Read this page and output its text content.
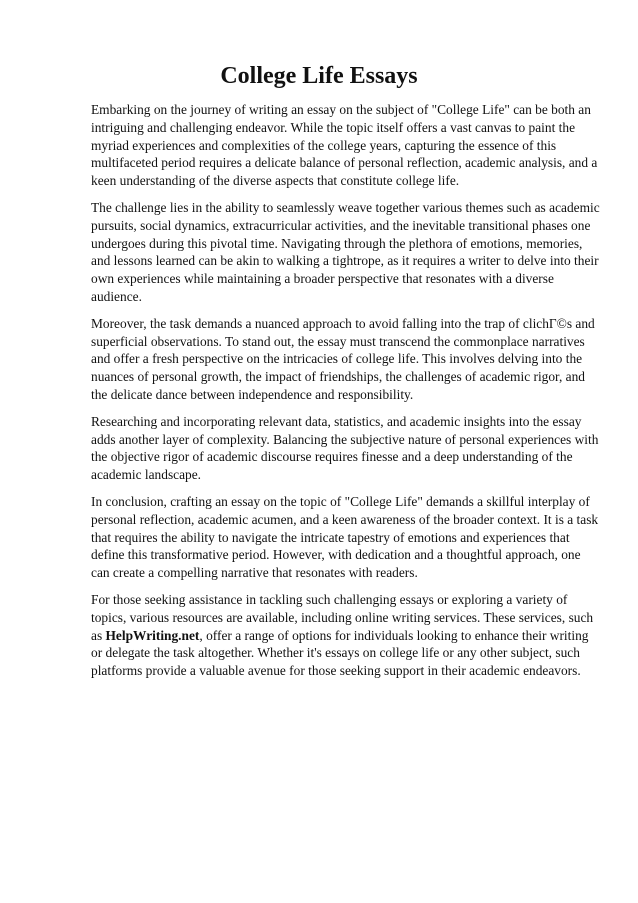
College Life Essays

Embarking on the journey of writing an essay on the subject of "College Life" can be both an intriguing and challenging endeavor. While the topic itself offers a vast canvas to paint the myriad experiences and complexities of the college years, capturing the essence of this multifaceted period requires a delicate balance of personal reflection, academic analysis, and a keen understanding of the diverse aspects that constitute college life.

The challenge lies in the ability to seamlessly weave together various themes such as academic pursuits, social dynamics, extracurricular activities, and the inevitable transitional phases one undergoes during this pivotal time. Navigating through the plethora of emotions, memories, and lessons learned can be akin to walking a tightrope, as it requires a writer to delve into their own experiences while maintaining a broader perspective that resonates with a diverse audience.

Moreover, the task demands a nuanced approach to avoid falling into the trap of clichГ©s and superficial observations. To stand out, the essay must transcend the commonplace narratives and offer a fresh perspective on the intricacies of college life. This involves delving into the nuances of personal growth, the impact of friendships, the challenges of academic rigor, and the delicate dance between independence and responsibility.

Researching and incorporating relevant data, statistics, and academic insights into the essay adds another layer of complexity. Balancing the subjective nature of personal experiences with the objective rigor of academic discourse requires finesse and a deep understanding of the academic landscape.

In conclusion, crafting an essay on the topic of "College Life" demands a skillful interplay of personal reflection, academic acumen, and a keen awareness of the broader context. It is a task that requires the ability to navigate the intricate tapestry of emotions and experiences that define this transformative period. However, with dedication and a thoughtful approach, one can create a compelling narrative that resonates with readers.

For those seeking assistance in tackling such challenging essays or exploring a variety of topics, various resources are available, including online writing services. These services, such as HelpWriting.net, offer a range of options for individuals looking to enhance their writing or delegate the task altogether. Whether it's essays on college life or any other subject, such platforms provide a valuable avenue for those seeking support in their academic endeavors.
